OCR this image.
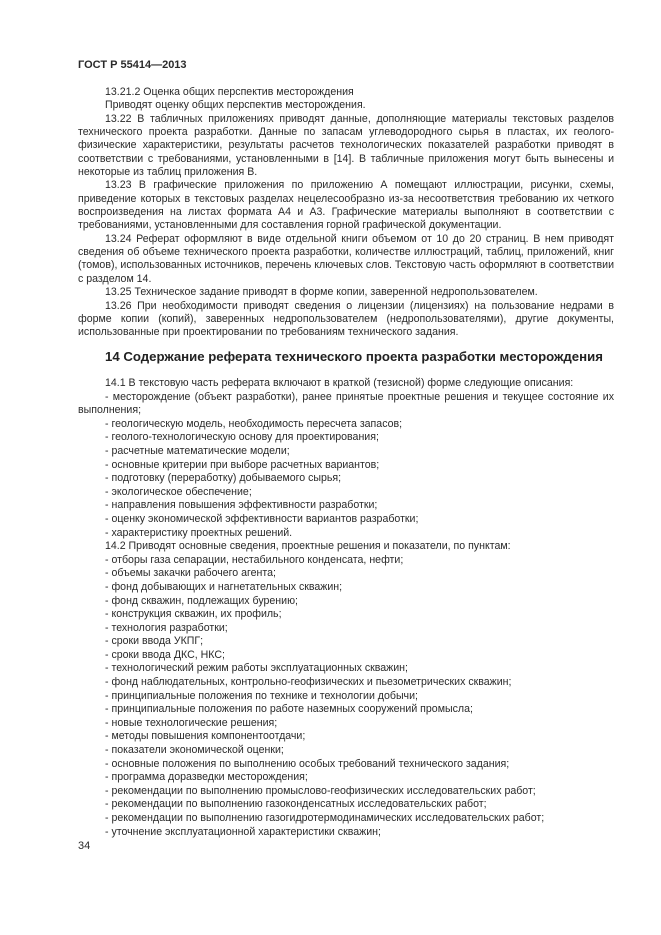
ГОСТ Р 55414—2013

13.21.2 Оценка общих перспектив месторождения

Приводят оценку общих перспектив месторождения.

13.22 В табличных приложениях приводят данные, дополняющие материалы текстовых разделов технического проекта разработки. Данные по запасам углеводородного сырья в пластах, их геолого-физические характеристики, результаты расчетов технологических показателей разработки приводят в соответствии с требованиями, установленными в [14]. В табличные приложения могут быть вынесены и некоторые из таблиц приложения В.

13.23 В графические приложения по приложению А помещают иллюстрации, рисунки, схемы, приведение которых в текстовых разделах нецелесообразно из-за несоответствия требованию их четкого воспроизведения на листах формата А4 и А3. Графические материалы выполняют в соответствии с требованиями, установленными для составления горной графической документации.

13.24 Реферат оформляют в виде отдельной книги объемом от 10 до 20 страниц. В нем приводят сведения об объеме технического проекта разработки, количестве иллюстраций, таблиц, приложений, книг (томов), использованных источников, перечень ключевых слов. Текстовую часть оформляют в соответствии с разделом 14.

13.25 Техническое задание приводят в форме копии, заверенной недропользователем.

13.26 При необходимости приводят сведения о лицензии (лицензиях) на пользование недрами в форме копии (копий), заверенных недропользователем (недропользователями), другие документы, использованные при проектировании по требованиям технического задания.

14 Содержание реферата технического проекта разработки месторождения

14.1 В текстовую часть реферата включают в краткой (тезисной) форме следующие описания:

- месторождение (объект разработки), ранее принятые проектные решения и текущее состояние их выполнения;

- геологическую модель, необходимость пересчета запасов;

- геолого-технологическую основу для проектирования;

- расчетные математические модели;

- основные критерии при выборе расчетных вариантов;

- подготовку (переработку) добываемого сырья;

- экологическое обеспечение;

- направления повышения эффективности разработки;

- оценку экономической эффективности вариантов разработки;

- характеристику проектных решений.

14.2 Приводят основные сведения, проектные решения и показатели, по пунктам:

- отборы газа сепарации, нестабильного конденсата, нефти;

- объемы закачки рабочего агента;

- фонд добывающих и нагнетательных скважин;

- фонд скважин, подлежащих бурению;

- конструкция скважин, их профиль;

- технология разработки;

- сроки ввода УКПГ;

- сроки ввода ДКС, НКС;

- технологический режим работы эксплуатационных скважин;

- фонд наблюдательных, контрольно-геофизических и пьезометрических скважин;

- принципиальные положения по технике и технологии добычи;

- принципиальные положения по работе наземных сооружений промысла;

- новые технологические решения;

- методы повышения компонентоотдачи;

- показатели экономической оценки;

- основные положения по выполнению особых требований технического задания;

- программа доразведки месторождения;

- рекомендации по выполнению промыслово-геофизических исследовательских работ;

- рекомендации по выполнению газоконденсатных исследовательских работ;

- рекомендации по выполнению газогидротермодинамических исследовательских работ;

- уточнение эксплуатационной характеристики скважин;

34
